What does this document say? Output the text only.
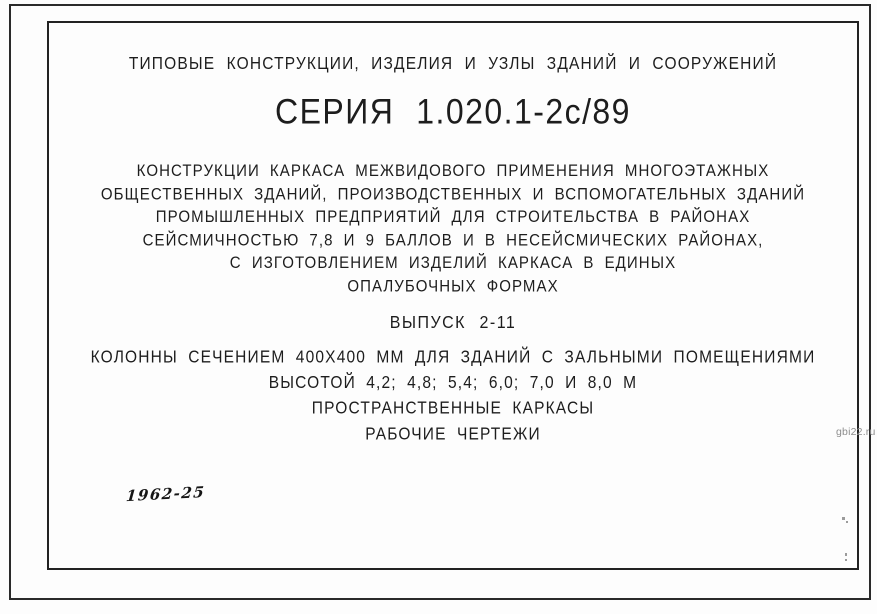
ТИПОВЫЕ КОНСТРУКЦИИ, ИЗДЕЛИЯ И УЗЛЫ ЗДАНИЙ И СООРУЖЕНИЙ
СЕРИЯ 1.020.1-2с/89
КОНСТРУКЦИИ КАРКАСА МЕЖВИДОВОГО ПРИМЕНЕНИЯ МНОГОЭТАЖНЫХ
ОБЩЕСТВЕННЫХ ЗДАНИЙ, ПРОИЗВОДСТВЕННЫХ И ВСПОМОГАТЕЛЬНЫХ ЗДАНИЙ
ПРОМЫШЛЕННЫХ ПРЕДПРИЯТИЙ ДЛЯ СТРОИТЕЛЬСТВА В РАЙОНАХ
СЕЙСМИЧНОСТЬЮ 7,8 И 9 БАЛЛОВ И В НЕСЕЙСМИЧЕСКИХ РАЙОНАХ,
С ИЗГОТОВЛЕНИЕМ ИЗДЕЛИЙ КАРКАСА В ЕДИНЫХ
ОПАЛУБОЧНЫХ ФОРМАХ
ВЫПУСК 2-11
КОЛОННЫ СЕЧЕНИЕМ 400Х400 ММ ДЛЯ ЗДАНИЙ С ЗАЛЬНЫМИ ПОМЕЩЕНИЯМИ
ВЫСОТОЙ 4,2; 4,8; 5,4; 6,0; 7,0 И 8,0 М
ПРОСТРАНСТВЕННЫЕ КАРКАСЫ
РАБОЧИЕ ЧЕРТЕЖИ
1962-25
gbi22.ru
